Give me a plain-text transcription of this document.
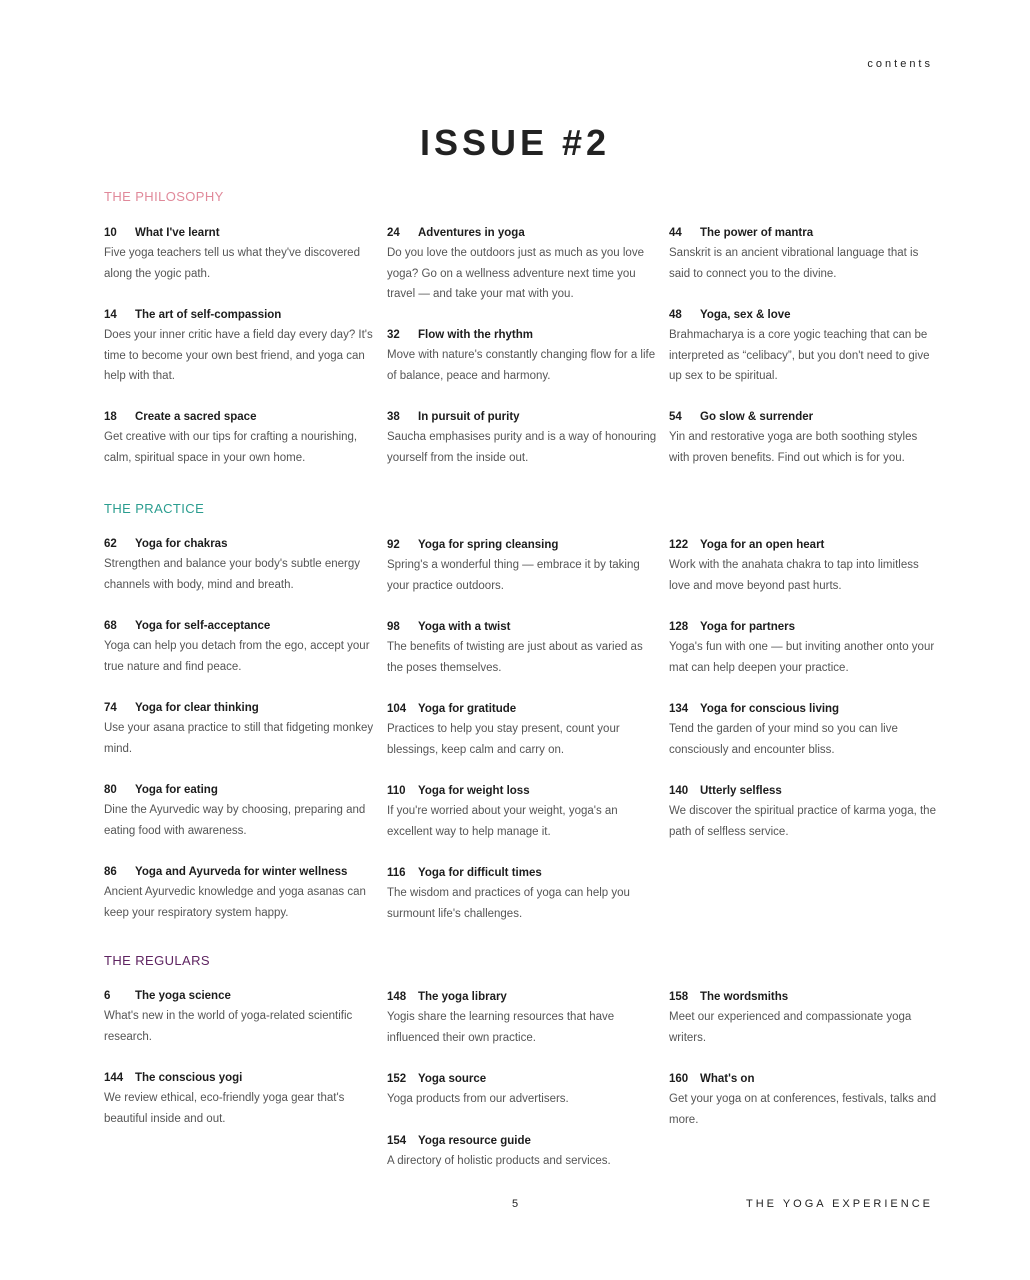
contents
ISSUE #2
THE PHILOSOPHY
10	What I've learnt

Five yoga teachers tell us what they've discovered along the yogic path.

14	The art of self-compassion

Does your inner critic have a field day every day? It's time to become your own best friend, and yoga can help with that.

18	Create a sacred space

Get creative with our tips for crafting a nourishing, calm, spiritual space in your own home.

24	Adventures in yoga

Do you love the outdoors just as much as you love yoga? Go on a wellness adventure next time you travel — and take your mat with you.

32	Flow with the rhythm

Move with nature's constantly changing flow for a life of balance, peace and harmony.

38	In pursuit of purity

Saucha emphasises purity and is a way of honouring yourself from the inside out.

44	The power of mantra

Sanskrit is an ancient vibrational language that is said to connect you to the divine.

48	Yoga, sex & love

Brahmacharya is a core yogic teaching that can be interpreted as “celibacy”, but you don't need to give up sex to be spiritual.

54	Go slow & surrender

Yin and restorative yoga are both soothing styles with proven benefits. Find out which is for you.

THE PRACTICE
62	Yoga for chakras

Strengthen and balance your body's subtle energy channels with body, mind and breath.

68	Yoga for self-acceptance

Yoga can help you detach from the ego, accept your true nature and find peace.

74	Yoga for clear thinking

Use your asana practice to still that fidgeting monkey mind.

80	Yoga for eating

Dine the Ayurvedic way by choosing, preparing and eating food with awareness.

86	Yoga and Ayurveda for winter wellness

Ancient Ayurvedic knowledge and yoga asanas can keep your respiratory system happy.

92	Yoga for spring cleansing

Spring's a wonderful thing — embrace it by taking your practice outdoors.

98	Yoga with a twist

The benefits of twisting are just about as varied as the poses themselves.

104	Yoga for gratitude

Practices to help you stay present, count your blessings, keep calm and carry on.

110	Yoga for weight loss

If you're worried about your weight, yoga's an excellent way to help manage it.

116	Yoga for difficult times

The wisdom and practices of yoga can help you surmount life's challenges.

122	Yoga for an open heart

Work with the anahata chakra to tap into limitless love and move beyond past hurts.

128	Yoga for partners

Yoga's fun with one — but inviting another onto your mat can help deepen your practice.

134	Yoga for conscious living

Tend the garden of your mind so you can live consciously and encounter bliss.

140	Utterly selfless

We discover the spiritual practice of karma yoga, the path of selfless service.

THE REGULARS
6	The yoga science

What's new in the world of yoga-related scientific research.

144	The conscious yogi

We review ethical, eco-friendly yoga gear that's beautiful inside and out.

148	The yoga library

Yogis share the learning resources that have influenced their own practice.

152	Yoga source

Yoga products from our advertisers.

154	Yoga resource guide

A directory of holistic products and services.

158	The wordsmiths

Meet our experienced and compassionate yoga writers.

160	What's on

Get your yoga on at conferences, festivals, talks and more.

5	THE YOGA EXPERIENCE
